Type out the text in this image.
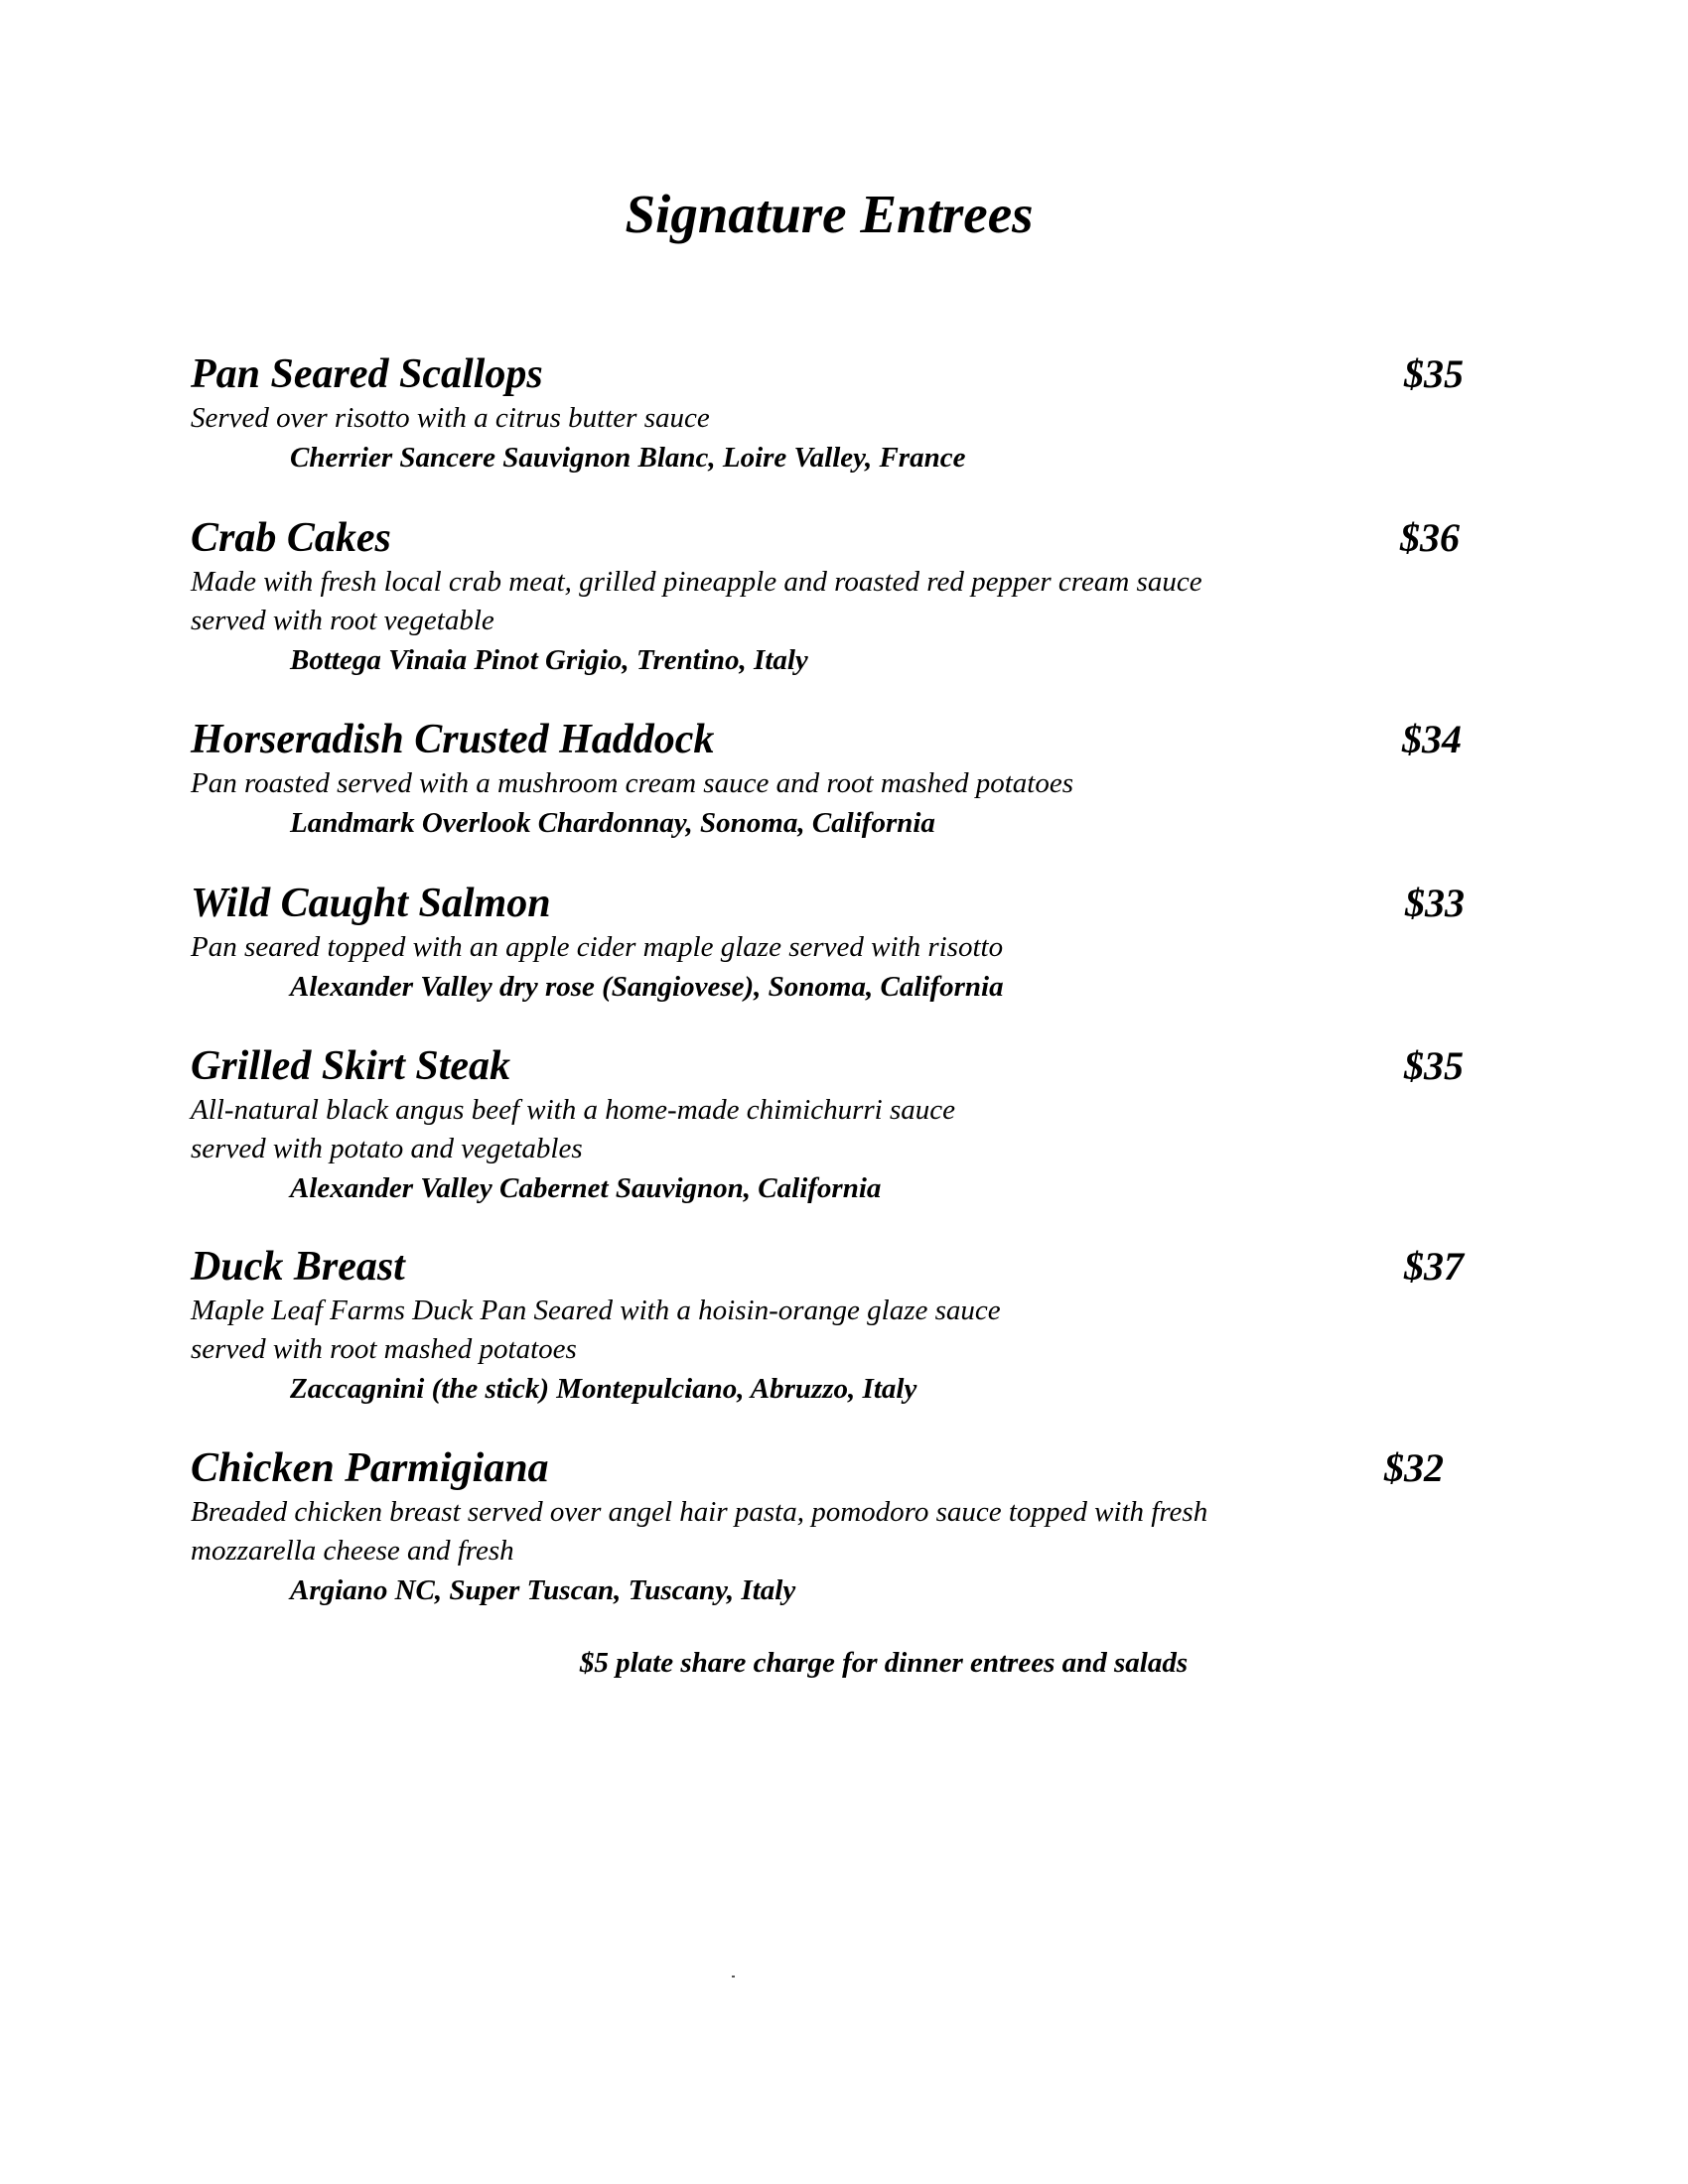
Signature Entrees
Pan Seared Scallops	$35
Served over risotto with a citrus butter sauce
Cherrier Sancere Sauvignon Blanc, Loire Valley, France
Crab Cakes	$36
Made with fresh local crab meat, grilled pineapple and roasted red pepper cream sauce
served with root vegetable
Bottega Vinaia Pinot Grigio, Trentino, Italy
Horseradish Crusted Haddock	$34
Pan roasted served with a mushroom cream sauce and root mashed potatoes
Landmark Overlook Chardonnay, Sonoma, California
Wild Caught Salmon	$33
Pan seared topped with an apple cider maple glaze served with risotto
Alexander Valley dry rose (Sangiovese), Sonoma, California
Grilled Skirt Steak	$35
All-natural black angus beef with a home-made chimichurri sauce
served with potato and vegetables
Alexander Valley Cabernet Sauvignon, California
Duck Breast	$37
Maple Leaf Farms Duck Pan Seared with a hoisin-orange glaze sauce
served with root mashed potatoes
Zaccagnini (the stick) Montepulciano, Abruzzo, Italy
Chicken Parmigiana	$32
Breaded chicken breast served over angel hair pasta, pomodoro sauce topped with fresh
mozzarella cheese and fresh
Argiano NC, Super Tuscan, Tuscany, Italy

$5 plate share charge for dinner entrees and salads
